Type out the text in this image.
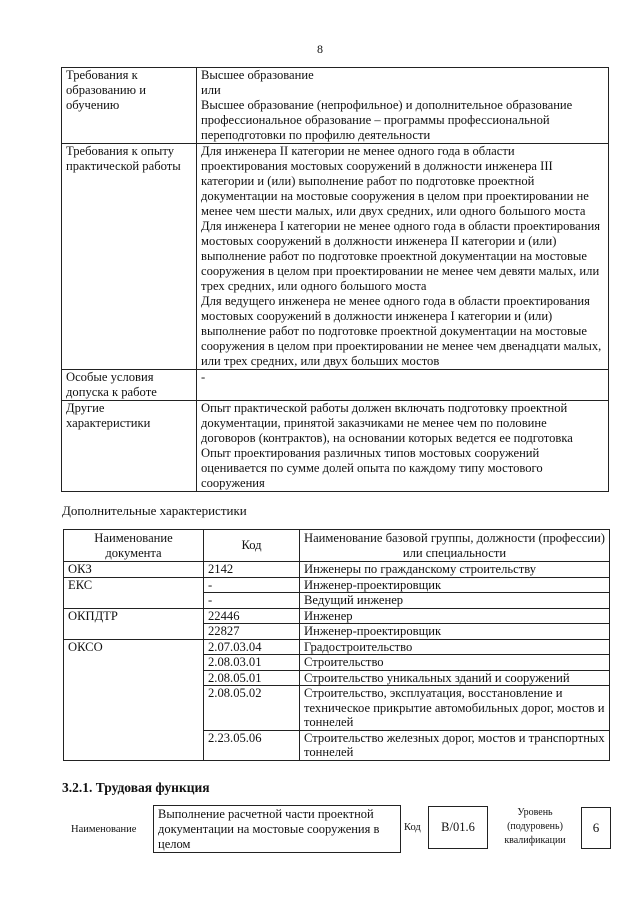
8
Требования к образованию и обучению	Высшее образование

или

Высшее образование (непрофильное) и дополнительное образование профессиональное образование – программы профессиональной переподготовки по профилю деятельности

Требования к опыту практической работы	Для инженера II категории не менее одного года в области проектирования мостовых сооружений в должности инженера III категории и (или) выполнение работ по подготовке проектной документации на мостовые сооружения в целом при проектировании не менее чем шести малых, или двух средних, или одного большого моста

Для инженера I категории не менее одного года в области проектирования мостовых сооружений в должности инженера II категории и (или) выполнение работ по подготовке проектной документации на мостовые сооружения в целом при проектировании не менее чем девяти малых, или трех средних, или одного большого моста

Для ведущего инженера не менее одного года в области проектирования мостовых сооружений в должности инженера I категории и (или) выполнение работ по подготовке проектной документации на мостовые сооружения в целом при проектировании не менее чем двенадцати малых, или трех средних, или двух больших мостов

Особые условия допуска к работе	-

Другие характеристики	Опыт практической работы должен включать подготовку проектной документации, принятой заказчиками не менее чем по половине договоров (контрактов), на основании которых ведется ее подготовка

Опыт проектирования различных типов мостовых сооружений оценивается по сумме долей опыта по каждому типу мостового сооружения

Дополнительные характеристики
Наименование документа	Код	Наименование базовой группы, должности (профессии) или специальности
ОКЗ	2142	Инженеры по гражданскому строительству
ЕКС	-	Инженер-проектировщик
	-	Ведущий инженер
ОКПДТР	22446	Инженер
	22827	Инженер-проектировщик
ОКСО	2.07.03.04	Градостроительство
	2.08.03.01	Строительство
	2.08.05.01	Строительство уникальных зданий и сооружений
	2.08.05.02	Строительство, эксплуатация, восстановление и техническое прикрытие автомобильных дорог, мостов и тоннелей
	2.23.05.06	Строительство железных дорог, мостов и транспортных тоннелей
3.2.1. Трудовая функция
Наименование
Выполнение расчетной части проектной документации на мостовые сооружения в целом
Код	В/01.6
Уровень (подуровень) квалификации
6
